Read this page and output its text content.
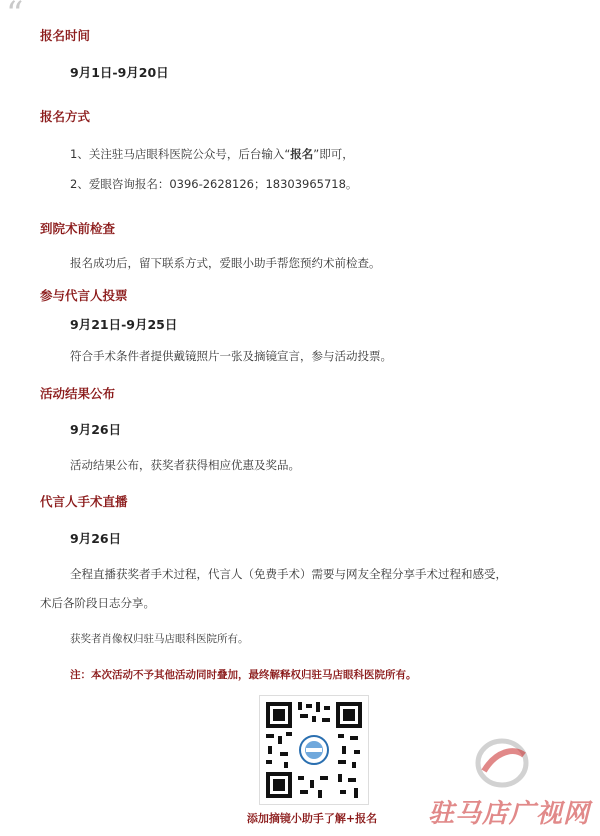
“
报名时间
9月1日-9月20日
报名方式
1、关注驻马店眼科医院公众号，后台输入“报名”即可，
2、爱眼咨询报名：0396-2628126；18303965718。
到院术前检查
报名成功后，留下联系方式，爱眼小助手帮您预约术前检查。
参与代言人投票
9月21日-9月25日
符合手术条件者提供戴镜照片一张及摘镜宣言，参与活动投票。
活动结果公布
9月26日
活动结果公布，获奖者获得相应优惠及奖品。
代言人手术直播
9月26日
全程直播获奖者手术过程，代言人（免费手术）需要与网友全程分享手术过程和感受，
术后各阶段日志分享。
获奖者肖像权归驻马店眼科医院所有。
注：本次活动不予其他活动同时叠加，最终解释权归驻马店眼科医院所有。
添加摘镜小助手了解+报名	驻马店广视网
